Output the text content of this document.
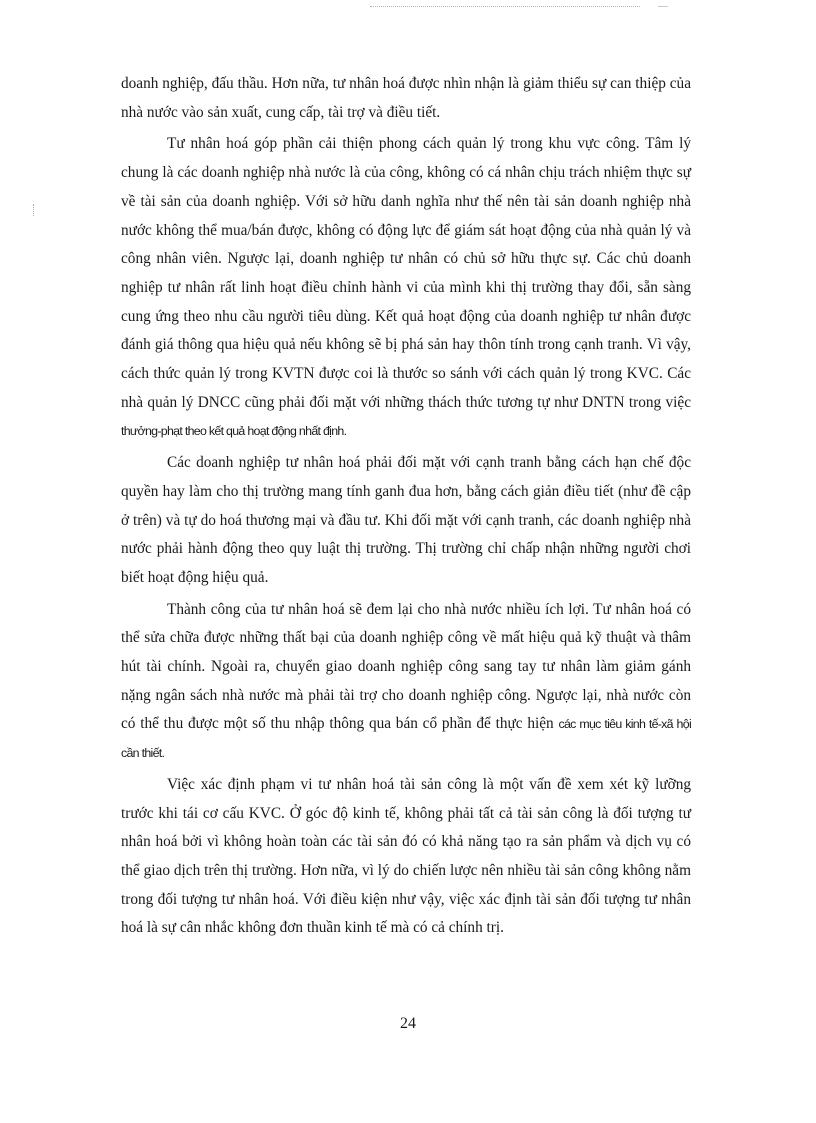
doanh nghiệp, đấu thầu. Hơn nữa, tư nhân hoá được nhìn nhận là giảm thiểu sự can thiệp của nhà nước vào sản xuất, cung cấp, tài trợ và điều tiết.

Tư nhân hoá góp phần cải thiện phong cách quản lý trong khu vực công. Tâm lý chung là các doanh nghiệp nhà nước là của công, không có cá nhân chịu trách nhiệm thực sự về tài sản của doanh nghiệp. Với sở hữu danh nghĩa như thế nên tài sản doanh nghiệp nhà nước không thể mua/bán được, không có động lực để giám sát hoạt động của nhà quản lý và công nhân viên. Ngược lại, doanh nghiệp tư nhân có chủ sở hữu thực sự. Các chủ doanh nghiệp tư nhân rất linh hoạt điều chỉnh hành vi của mình khi thị trường thay đổi, sẵn sàng cung ứng theo nhu cầu người tiêu dùng. Kết quả hoạt động của doanh nghiệp tư nhân được đánh giá thông qua hiệu quả nếu không sẽ bị phá sản hay thôn tính trong cạnh tranh. Vì vậy, cách thức quản lý trong KVTN được coi là thước so sánh với cách quản lý trong KVC. Các nhà quản lý DNCC cũng phải đối mặt với những thách thức tương tự như DNTN trong việc thưởng-phạt theo kết quả hoạt động nhất định.

Các doanh nghiệp tư nhân hoá phải đối mặt với cạnh tranh bằng cách hạn chế độc quyền hay làm cho thị trường mang tính ganh đua hơn, bằng cách giản điều tiết (như đề cập ở trên) và tự do hoá thương mại và đầu tư. Khi đối mặt với cạnh tranh, các doanh nghiệp nhà nước phải hành động theo quy luật thị trường. Thị trường chỉ chấp nhận những người chơi biết hoạt động hiệu quả.

Thành công của tư nhân hoá sẽ đem lại cho nhà nước nhiều ích lợi. Tư nhân hoá có thể sửa chữa được những thất bại của doanh nghiệp công về mất hiệu quả kỹ thuật và thâm hút tài chính. Ngoài ra, chuyển giao doanh nghiệp công sang tay tư nhân làm giảm gánh nặng ngân sách nhà nước mà phải tài trợ cho doanh nghiệp công. Ngược lại, nhà nước còn có thể thu được một số thu nhập thông qua bán cổ phần để thực hiện các mục tiêu kinh tế-xã hội cần thiết.

Việc xác định phạm vi tư nhân hoá tài sản công là một vấn đề xem xét kỹ lưỡng trước khi tái cơ cấu KVC. Ở góc độ kinh tế, không phải tất cả tài sản công là đối tượng tư nhân hoá bởi vì không hoàn toàn các tài sản đó có khả năng tạo ra sản phẩm và dịch vụ có thể giao dịch trên thị trường. Hơn nữa, vì lý do chiến lược nên nhiều tài sản công không nằm trong đối tượng tư nhân hoá. Với điều kiện như vậy, việc xác định tài sản đối tượng tư nhân hoá là sự cân nhắc không đơn thuần kinh tế mà có cả chính trị.

24
